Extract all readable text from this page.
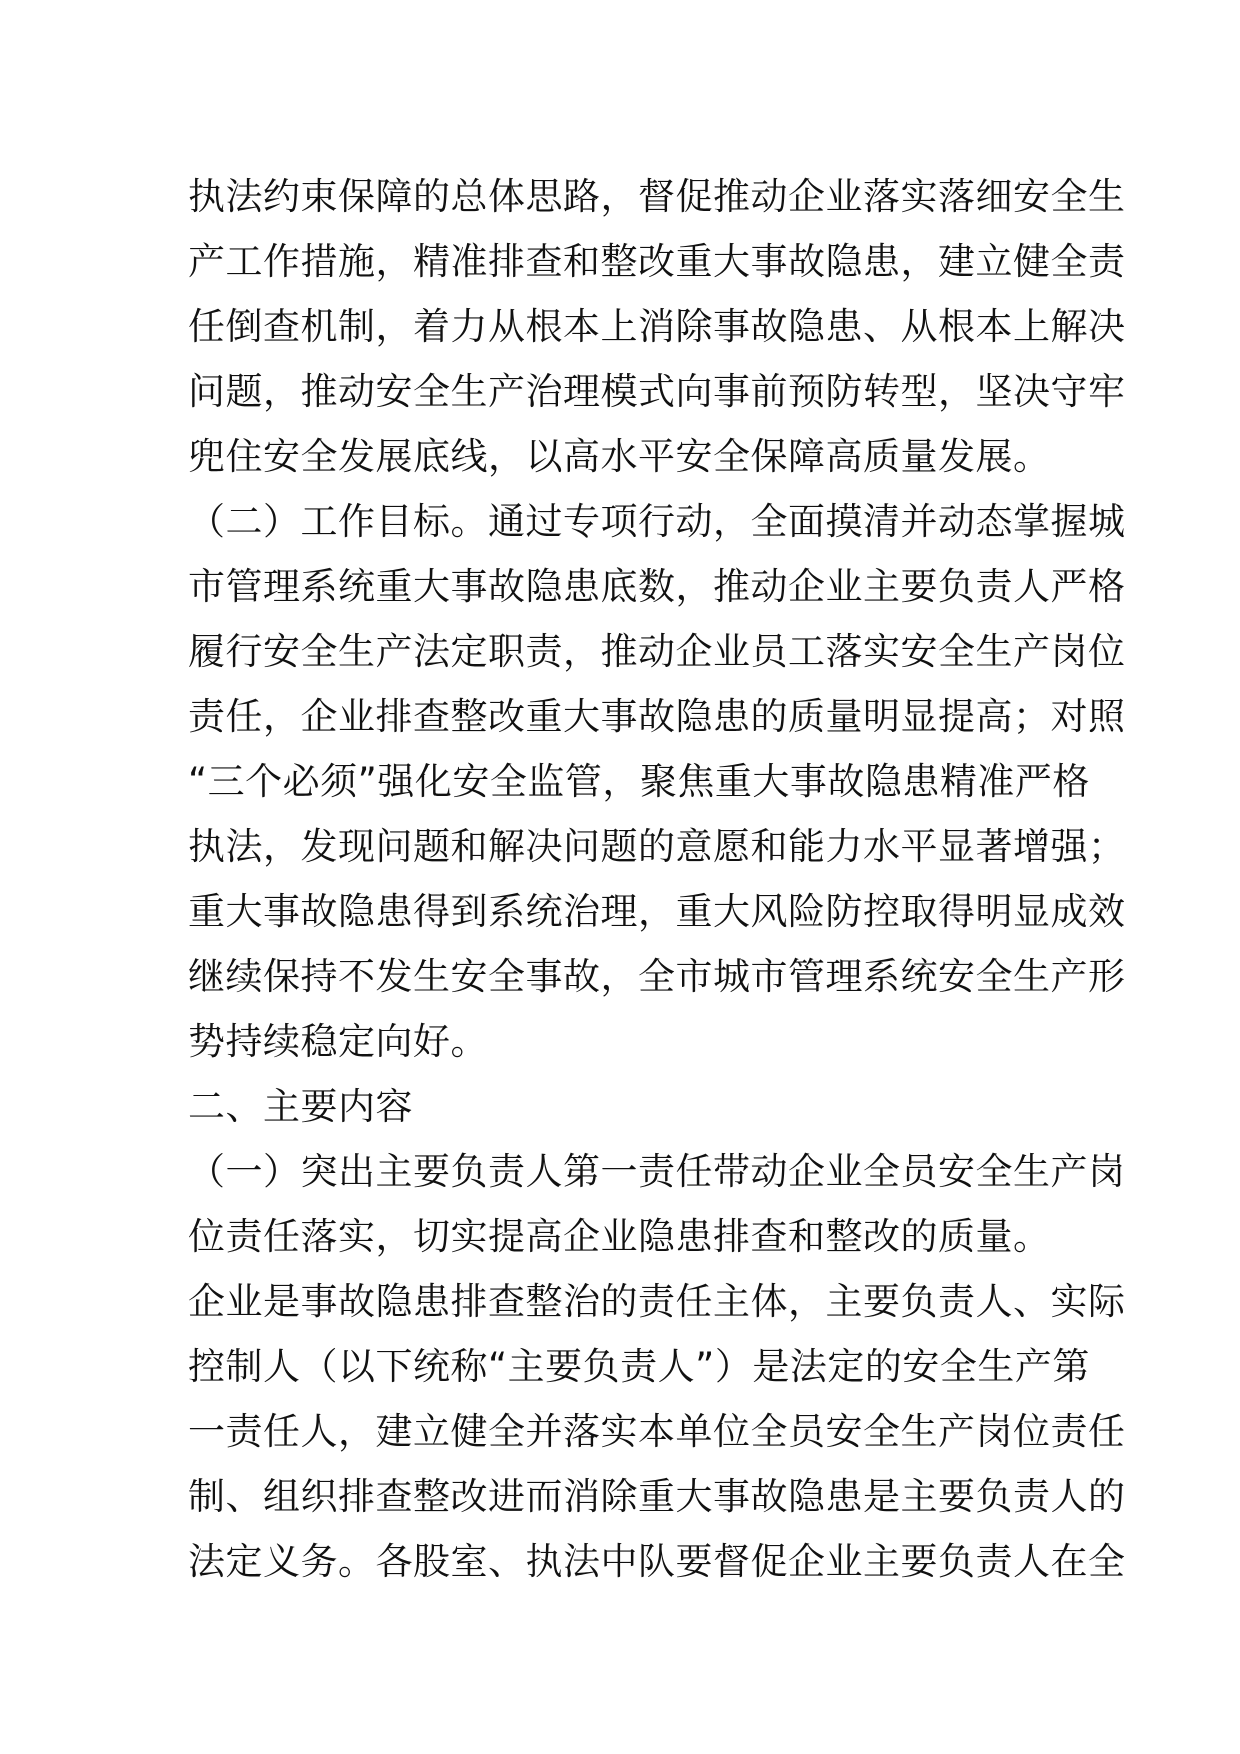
执法约束保障的总体思路，督促推动企业落实落细安全生
产工作措施，精准排查和整改重大事故隐患，建立健全责
任倒查机制，着力从根本上消除事故隐患、从根本上解决
问题，推动安全生产治理模式向事前预防转型，坚决守牢
兜住安全发展底线，以高水平安全保障高质量发展。
（二）工作目标。通过专项行动，全面摸清并动态掌握城
市管理系统重大事故隐患底数，推动企业主要负责人严格
履行安全生产法定职责，推动企业员工落实安全生产岗位
责任，企业排查整改重大事故隐患的质量明显提高；对照
“三个必须”强化安全监管，聚焦重大事故隐患精准严格
执法，发现问题和解决问题的意愿和能力水平显著增强；
重大事故隐患得到系统治理，重大风险防控取得明显成效
继续保持不发生安全事故，全市城市管理系统安全生产形
势持续稳定向好。
二、主要内容
（一）突出主要负责人第一责任带动企业全员安全生产岗
位责任落实，切实提高企业隐患排查和整改的质量。
企业是事故隐患排查整治的责任主体，主要负责人、实际
控制人（以下统称“主要负责人”）是法定的安全生产第
一责任人，建立健全并落实本单位全员安全生产岗位责任
制、组织排查整改进而消除重大事故隐患是主要负责人的
法定义务。各股室、执法中队要督促企业主要负责人在全
